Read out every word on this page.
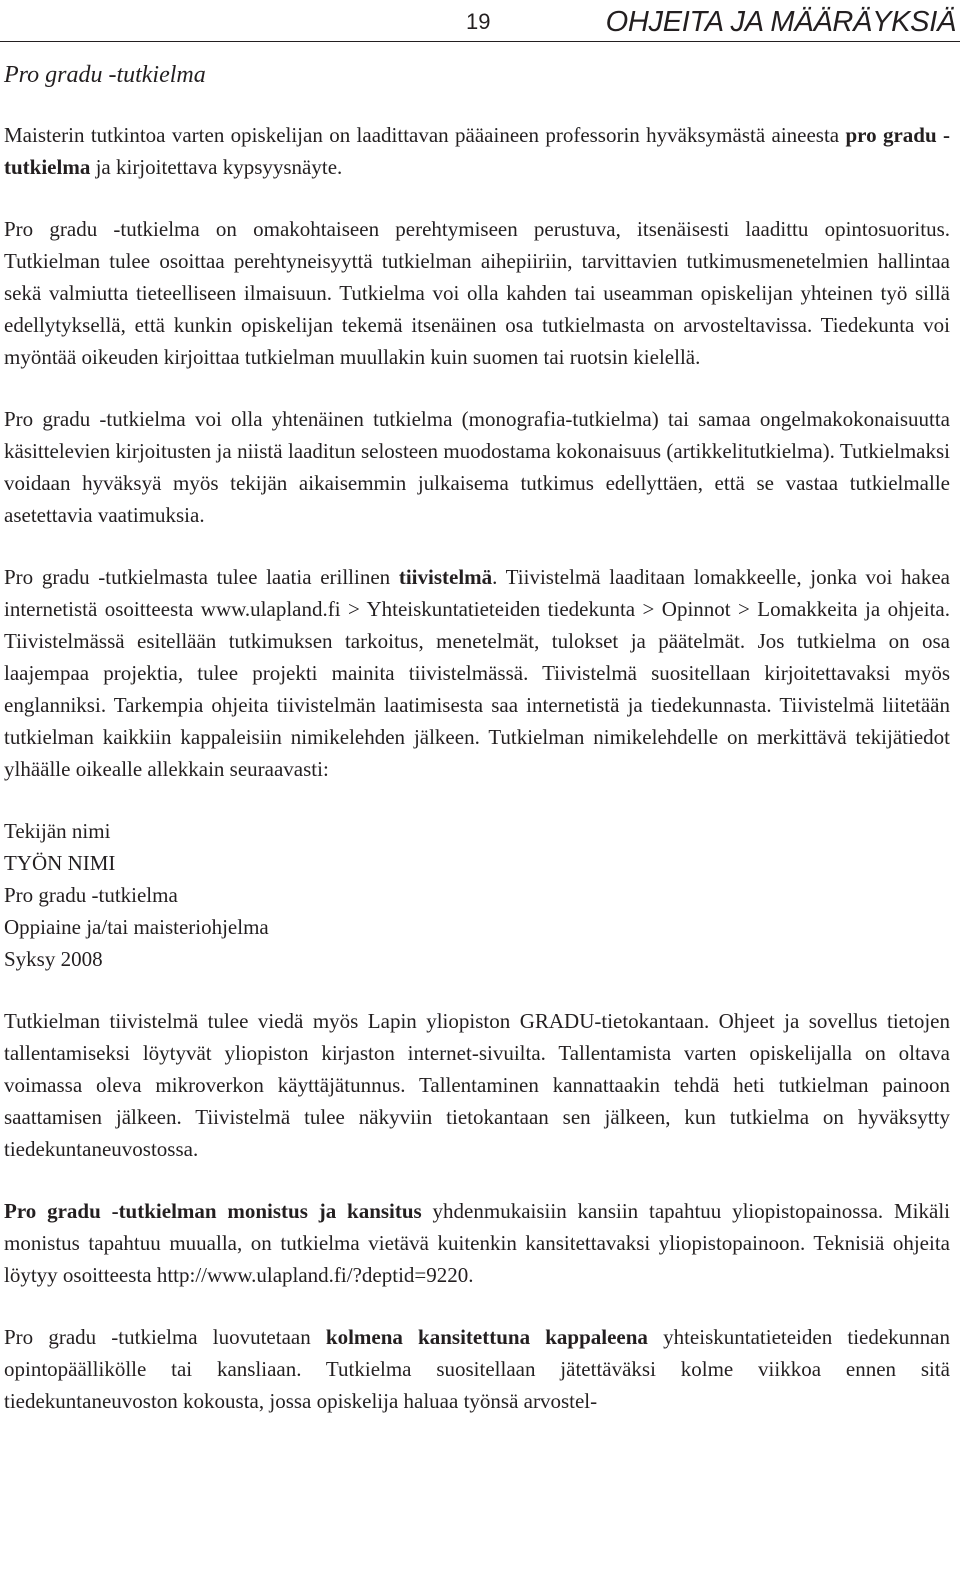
19	OHJEITA JA MÄÄRÄYKSIÄ
Pro gradu -tutkielma

Maisterin tutkintoa varten opiskelijan on laadittavan pääaineen professorin hyväksymästä aineesta pro gradu -tutkielma ja kirjoitettava kypsyysnäyte.

Pro gradu -tutkielma on omakohtaiseen perehtymiseen perustuva, itsenäisesti laadittu opintosuoritus. Tutkielman tulee osoittaa perehtyneisyyttä tutkielman aihepiiriin, tarvittavien tutkimusmenetelmien hallintaa sekä valmiutta tieteelliseen ilmaisuun. Tutkielma voi olla kahden tai useamman opiskelijan yhteinen työ sillä edellytyksellä, että kunkin opiskelijan tekemä itsenäinen osa tutkielmasta on arvosteltavissa. Tiedekunta voi myöntää oikeuden kirjoittaa tutkielman muullakin kuin suomen tai ruotsin kielellä.

Pro gradu -tutkielma voi olla yhtenäinen tutkielma (monografia-tutkielma) tai samaa ongelmakokonaisuutta käsittelevien kirjoitusten ja niistä laaditun selosteen muodostama kokonaisuus (artikkelitutkielma). Tutkielmaksi voidaan hyväksyä myös tekijän aikaisemmin julkaisema tutkimus edellyttäen, että se vastaa tutkielmalle asetettavia vaatimuksia.

Pro gradu -tutkielmasta tulee laatia erillinen tiivistelmä. Tiivistelmä laaditaan lomakkeelle, jonka voi hakea internetistä osoitteesta www.ulapland.fi > Yhteiskuntatieteiden tiedekunta > Opinnot > Lomakkeita ja ohjeita. Tiivistelmässä esitellään tutkimuksen tarkoitus, menetelmät, tulokset ja päätelmät. Jos tutkielma on osa laajempaa projektia, tulee projekti mainita tiivistelmässä. Tiivistelmä suositellaan kirjoitettavaksi myös englanniksi. Tarkempia ohjeita tiivistelmän laatimisesta saa internetistä ja tiedekunnasta. Tiivistelmä liitetään tutkielman kaikkiin kappaleisiin nimikelehden jälkeen. Tutkielman nimikelehdelle on merkittävä tekijätiedot ylhäälle oikealle allekkain seuraavasti:

Tekijän nimi
TYÖN NIMI
Pro gradu -tutkielma
Oppiaine ja/tai maisteriohjelma
Syksy 2008

Tutkielman tiivistelmä tulee viedä myös Lapin yliopiston GRADU-tietokantaan. Ohjeet ja sovellus tietojen tallentamiseksi löytyvät yliopiston kirjaston internet-sivuilta. Tallentamista varten opiskelijalla on oltava voimassa oleva mikroverkon käyttäjätunnus. Tallentaminen kannattaakin tehdä heti tutkielman painoon saattamisen jälkeen. Tiivistelmä tulee näkyviin tietokantaan sen jälkeen, kun tutkielma on hyväksytty tiedekuntaneuvostossa.

Pro gradu -tutkielman monistus ja kansitus yhdenmukaisiin kansiin tapahtuu yliopistopainossa. Mikäli monistus tapahtuu muualla, on tutkielma vietävä kuitenkin kansitettavaksi yliopistopainoon. Teknisiä ohjeita löytyy osoitteesta http://www.ulapland.fi/?deptid=9220.

Pro gradu -tutkielma luovutetaan kolmena kansitettuna kappaleena yhteiskuntatieteiden tiedekunnan opintopäällikölle tai kansliaan. Tutkielma suositellaan jätettäväksi kolme viikkoa ennen sitä tiedekuntaneuvoston kokousta, jossa opiskelija haluaa työnsä arvostel-
